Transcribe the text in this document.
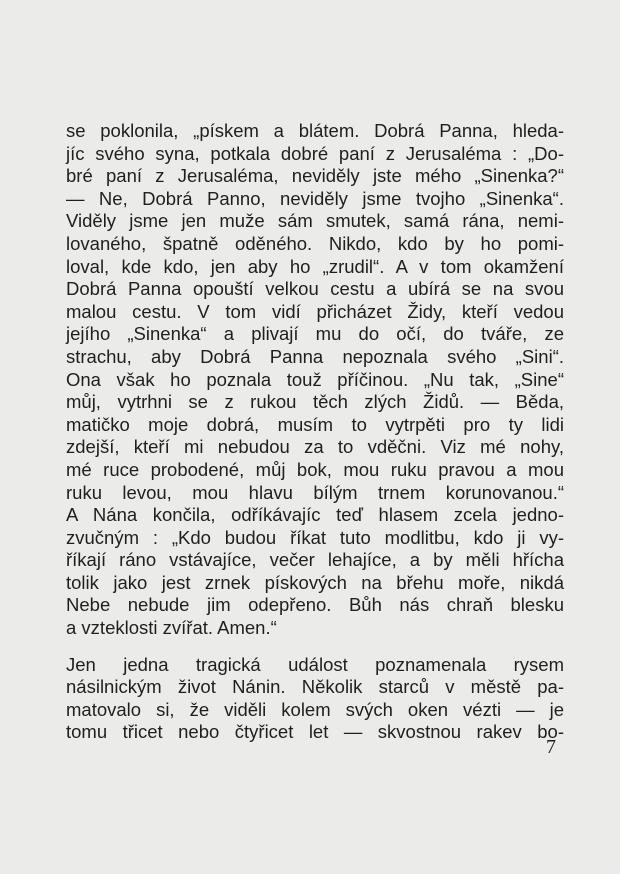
se poklonila, „pískem a blátem. Dobrá Panna, hleda-
jíc svého syna, potkala dobré paní z Jerusaléma : „Do-
bré paní z Jerusaléma, neviděly jste mého „Sinenka?“
— Ne, Dobrá Panno, neviděly jsme tvojho „Sinenka“.
Viděly jsme jen muže sám smutek, samá rána, nemi-
lovaného, špatně oděného. Nikdo, kdo by ho pomi-
loval, kde kdo, jen aby ho „zrudil“. A v tom okamžení
Dobrá Panna opouští velkou cestu a ubírá se na svou
malou cestu. V tom vidí přicházet Židy, kteří vedou
jejího „Sinenka“ a plivají mu do očí, do tváře, ze
strachu, aby Dobrá Panna nepoznala svého „Sini“.
Ona však ho poznala touž příčinou. „Nu tak, „Sine“
můj, vytrhni se z rukou těch zlých Židů. — Běda,
matičko moje dobrá, musím to vytrpěti pro ty lidi
zdejší, kteří mi nebudou za to vděčni. Viz mé nohy,
mé ruce probodené, můj bok, mou ruku pravou a mou
ruku levou, mou hlavu bílým trnem korunovanou.“
A Nána končila, odříkávajíc teď hlasem zcela jedno-
zvučným : „Kdo budou říkat tuto modlitbu, kdo ji vy-
říkají ráno vstávajíce, večer lehajíce, a by měli hřícha
tolik jako jest zrnek pískových na břehu moře, nikdá
Nebe nebude jim odepřeno. Bůh nás chraň blesku
a vzteklosti zvířat. Amen.“
Jen jedna tragická událost poznamenala rysem
násilnickým život Nánin. Několik starců v městě pa-
matovalo si, že viděli kolem svých oken vézti — je
tomu třicet nebo čtyřicet let — skvostnou rakev bo-
7
